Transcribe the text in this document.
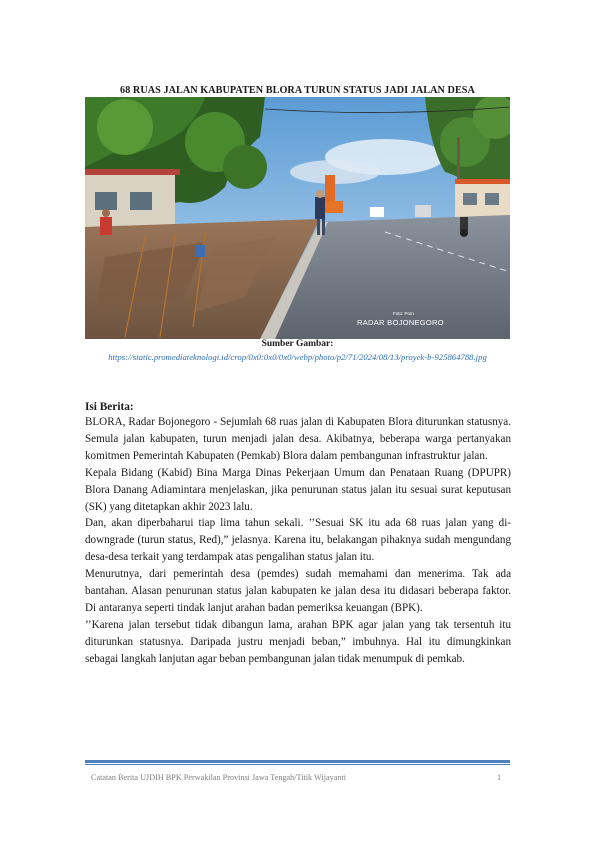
68 RUAS JALAN KABUPATEN BLORA TURUN STATUS JADI JALAN DESA
Foto: Pom
RADAR BOJONEGORO
Sumber Gambar:
https://static.promediateknologi.id/crop/0x0:0x0/0x0/webp/photo/p2/71/2024/08/13/proyek-b-925864788.jpg
Isi Berita:

BLORA, Radar Bojonegoro - Sejumlah 68 ruas jalan di Kabupaten Blora diturunkan statusnya. Semula jalan kabupaten, turun menjadi jalan desa. Akibatnya, beberapa warga pertanyakan komitmen Pemerintah Kabupaten (Pemkab) Blora dalam pembangunan infrastruktur jalan.

Kepala Bidang (Kabid) Bina Marga Dinas Pekerjaan Umum dan Penataan Ruang (DPUPR) Blora Danang Adiamintara menjelaskan, jika penurunan status jalan itu sesuai surat keputusan (SK) yang ditetapkan akhir 2023 lalu.

Dan, akan diperbaharui tiap lima tahun sekali. ’’Sesuai SK itu ada 68 ruas jalan yang di-downgrade (turun status, Red),” jelasnya. Karena itu, belakangan pihaknya sudah mengundang desa-desa terkait yang terdampak atas pengalihan status jalan itu.

Menurutnya, dari pemerintah desa (pemdes) sudah memahami dan menerima. Tak ada bantahan. Alasan penurunan status jalan kabupaten ke jalan desa itu didasari beberapa faktor. Di antaranya seperti tindak lanjut arahan badan pemeriksa keuangan (BPK).

’’Karena jalan tersebut tidak dibangun lama, arahan BPK agar jalan yang tak tersentuh itu diturunkan statusnya. Daripada justru menjadi beban,” imbuhnya. Hal itu dimungkinkan sebagai langkah lanjutan agar beban pembangunan jalan tidak menumpuk di pemkab.

Catatan Berita UJDIH BPK Perwakilan Provinsi Jawa Tengah/Titik Wijayanti	1
